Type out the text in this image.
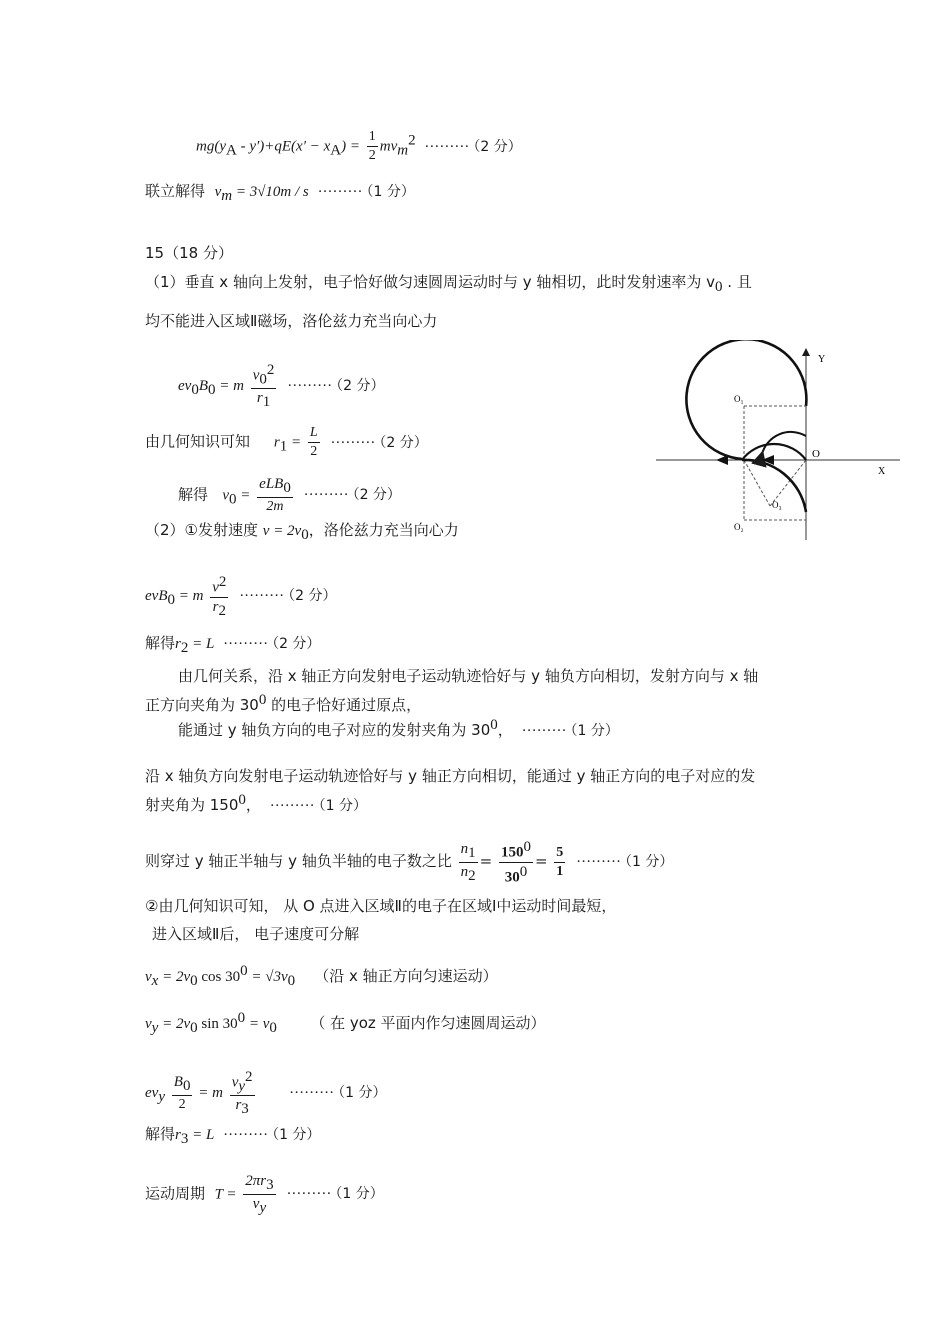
$mg(y_A - y')+qE(x' - x_A) = \frac{1}{2} mv_m^2$ ········· （2 分）
联立解得 $v_m = 3√10m / s$ ········· （1 分）
15（18 分）
（1）垂直 x 轴向上发射，电子恰好做匀速圆周运动时与 y 轴相切，此时发射速率为 $v_0$ . 且
均不能进入区域Ⅱ磁场，洛伦兹力充当向心力
$ev_0B_0 = m \frac{v_0^2}{r_1}$ ········· （2 分）
由几何知识可知 $r_1 = \frac{L}{2}$ ········· （2 分）
解得 $v_0 = \frac{eLB_0}{2m}$ ········· （2 分）
（2）①发射速度 $v = 2v_0$，洛伦兹力充当向心力
evB$_0$ = m $\frac{v^2}{r_2}$ ········· （2 分）
解得$r_2 = L$ ········· （2 分）
由几何关系，沿 x 轴正方向发射电子运动轨迹恰好与 y 轴负方向相切，发射方向与 x 轴
正方向夹角为 $30^0$ 的电子恰好通过原点，
能通过 y 轴负方向的电子对应的发射夹角为 $30^0$， ········· （1 分）
沿 x 轴负方向发射电子运动轨迹恰好与 y 轴正方向相切，能通过 y 轴正方向的电子对应的发
射夹角为 $150^0$， ········· （1 分）
则穿过 y 轴正半轴与 y 轴负半轴的电子数之比 $\frac{n_1}{n_2} = \frac{150^0}{30^0} = \frac{5}{1}$ ········· （1 分）
②由几何知识可知， 从 O 点进入区域Ⅱ的电子在区域Ⅰ中运动时间最短，
进入区域Ⅱ后， 电子速度可分解
$v_x = 2v_0$ $\cos 30^0 = √3v_0$ （沿 x 轴正方向匀速运动）
$v_y = 2v_0$ $\sin 30^0 = v_0$ （ 在 yoz 平面内作匀速圆周运动）
$ev_y \frac{B_0}{2} = m \frac{v_y^2}{r_3}$ ········· （1 分）
解得$r_3 = L$ ········· （1 分）
运动周期 $T = \frac{2\pi r_3}{v_y}$ ········· （1 分）
X
Y
O
O₁
O₂
O₃
